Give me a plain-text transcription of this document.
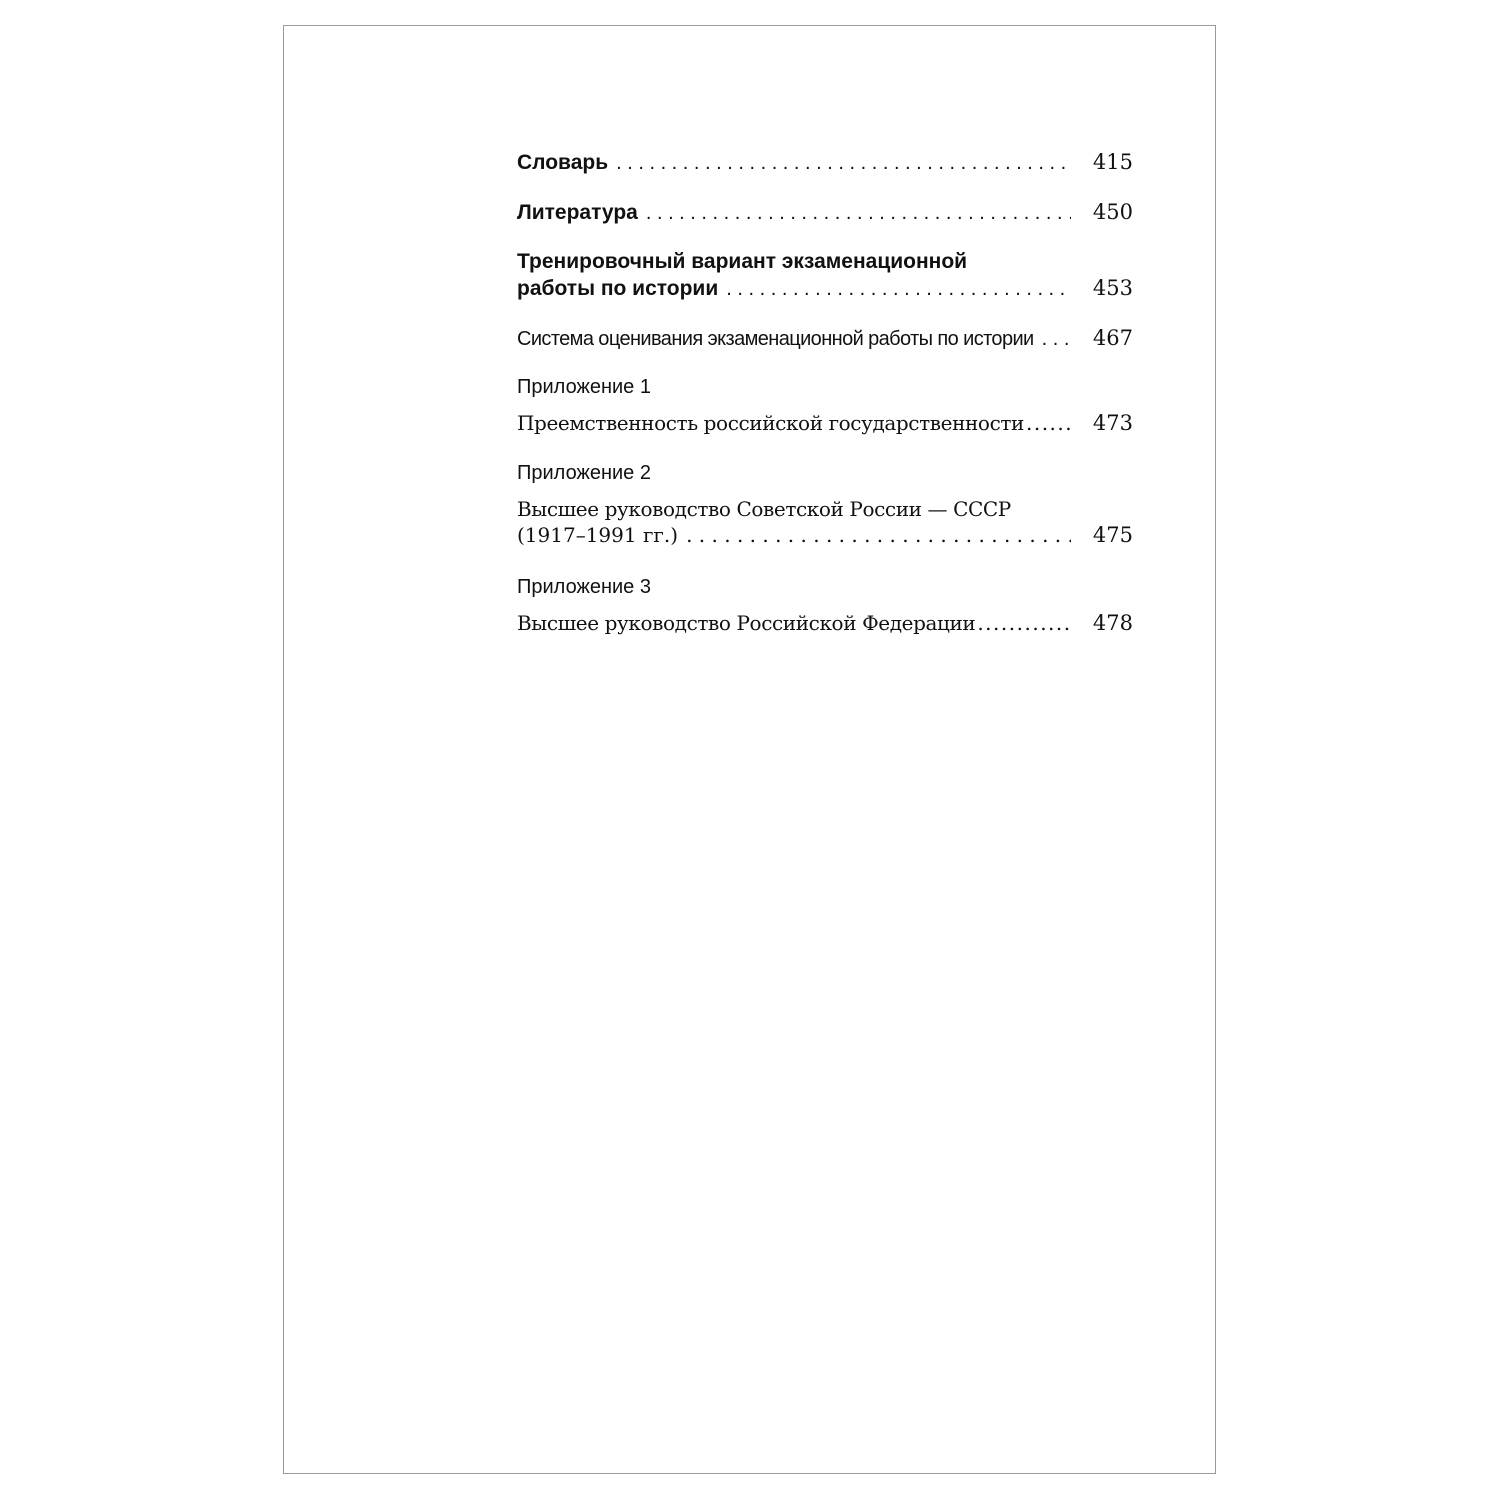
Словарь . . .	415
Литература . . .	450
Тренировочный вариант экзаменационной
работы по истории . . .	453
Система оценивания экзаменационной работы по истории . . .	467
Приложение 1
Преемственность российской государственности .....	473
Приложение 2
Высшее руководство Советской России — СССР
(1917–1991 гг.) . . .	475
Приложение 3
Высшее руководство Российской Федерации .....	478
